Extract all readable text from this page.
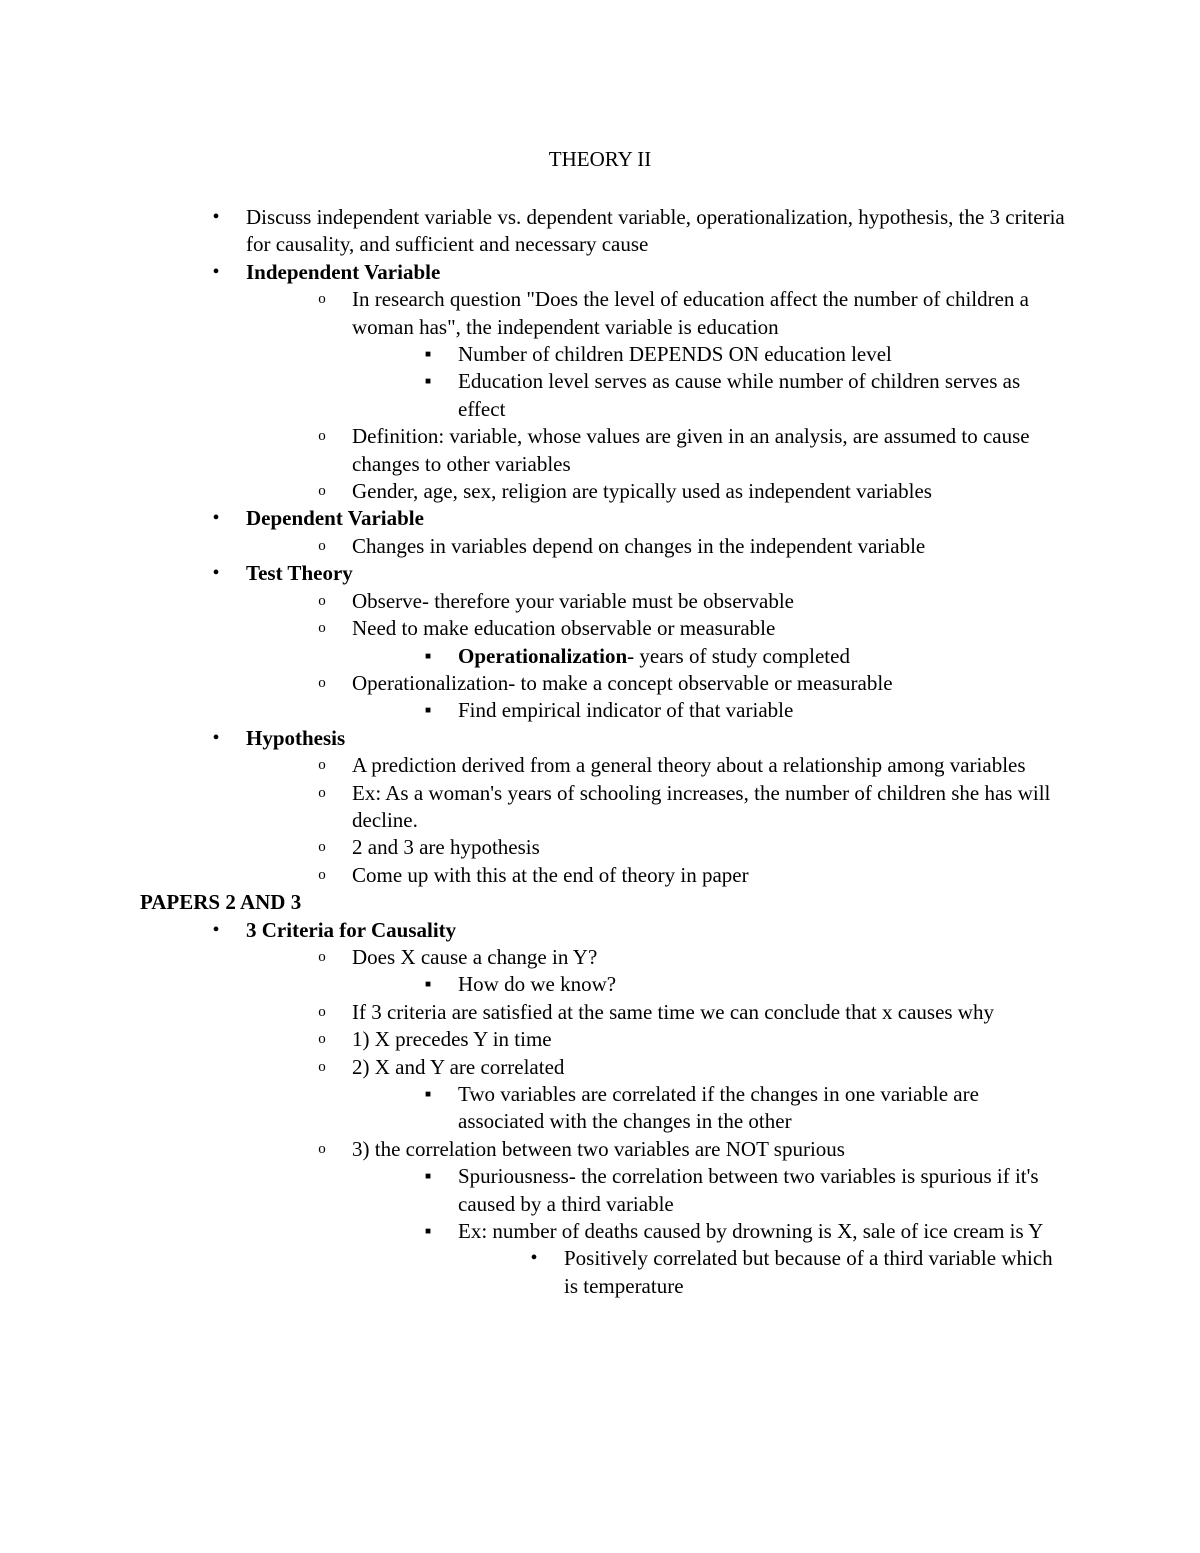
THEORY II
•	Discuss independent variable vs. dependent variable, operationalization, hypothesis, the 3 criteria for causality, and sufficient and necessary cause
•	Independent Variable
o	In research question "Does the level of education affect the number of children a woman has", the independent variable is education
■	Number of children DEPENDS ON education level
■	Education level serves as cause while number of children serves as effect
o	Definition: variable, whose values are given in an analysis, are assumed to cause changes to other variables
o	Gender, age, sex, religion are typically used as independent variables
•	Dependent Variable
o	Changes in variables depend on changes in the independent variable
•	Test Theory
o	Observe- therefore your variable must be observable
o	Need to make education observable or measurable
■	Operationalization- years of study completed
o	Operationalization- to make a concept observable or measurable
■	Find empirical indicator of that variable
•	Hypothesis
o	A prediction derived from a general theory about a relationship among variables
o	Ex: As a woman's years of schooling increases, the number of children she has will decline.
o	2 and 3 are hypothesis
o	Come up with this at the end of theory in paper
PAPERS 2 AND 3
•	3 Criteria for Causality
o	Does X cause a change in Y?
■	How do we know?
o	If 3 criteria are satisfied at the same time we can conclude that x causes why
o	1) X precedes Y in time
o	2) X and Y are correlated
■	Two variables are correlated if the changes in one variable are associated with the changes in the other
o	3) the correlation between two variables are NOT spurious
■	Spuriousness- the correlation between two variables is spurious if it's caused by a third variable
■	Ex: number of deaths caused by drowning is X, sale of ice cream is Y
•	Positively correlated but because of a third variable which is temperature
